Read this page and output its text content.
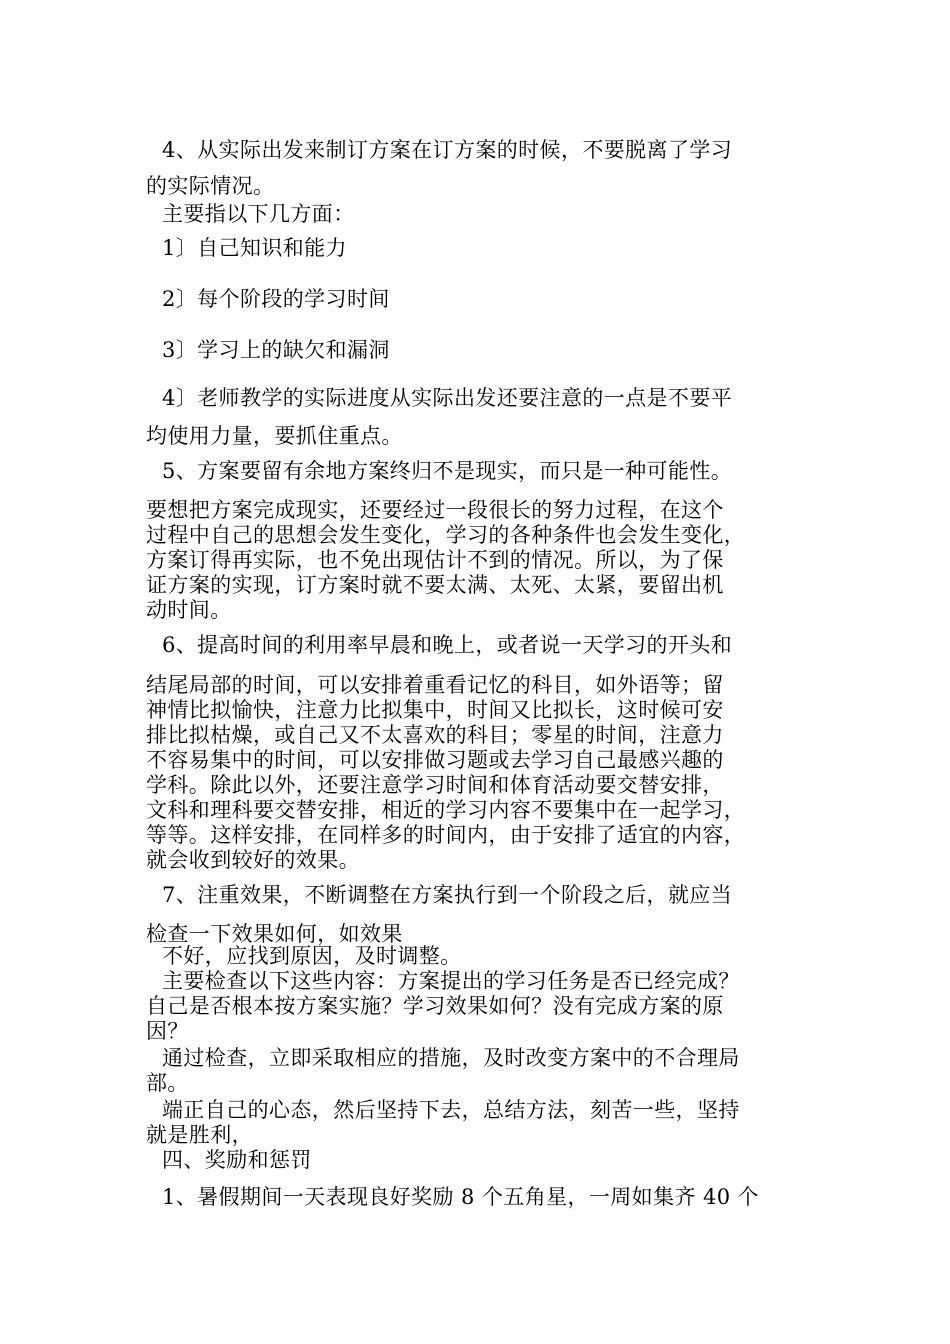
4、从实际出发来制订方案在订方案的时候，不要脱离了学习
的实际情况。
主要指以下几方面：
1〕自己知识和能力
2〕每个阶段的学习时间
3〕学习上的缺欠和漏洞
4〕老师教学的实际进度从实际出发还要注意的一点是不要平
均使用力量，要抓住重点。
5、方案要留有余地方案终归不是现实，而只是一种可能性。
要想把方案完成现实，还要经过一段很长的努力过程，在这个
过程中自己的思想会发生变化，学习的各种条件也会发生变化，
方案订得再实际，也不免出现估计不到的情况。所以，为了保
证方案的实现，订方案时就不要太满、太死、太紧，要留出机
动时间。
6、提高时间的利用率早晨和晚上，或者说一天学习的开头和
结尾局部的时间，可以安排着重看记忆的科目，如外语等；留
神情比拟愉快，注意力比拟集中，时间又比拟长，这时候可安
排比拟枯燥，或自己又不太喜欢的科目；零星的时间，注意力
不容易集中的时间，可以安排做习题或去学习自己最感兴趣的
学科。除此以外，还要注意学习时间和体育活动要交替安排，
文科和理科要交替安排，相近的学习内容不要集中在一起学习，
等等。这样安排，在同样多的时间内，由于安排了适宜的内容，
就会收到较好的效果。
7、注重效果，不断调整在方案执行到一个阶段之后，就应当
检查一下效果如何，如效果
不好，应找到原因，及时调整。
主要检查以下这些内容：方案提出的学习任务是否已经完成？
自己是否根本按方案实施？学习效果如何？没有完成方案的原
因？
通过检查，立即采取相应的措施，及时改变方案中的不合理局
部。
端正自己的心态，然后坚持下去，总结方法，刻苦一些，坚持
就是胜利，
四、奖励和惩罚
1、暑假期间一天表现良好奖励 8 个五角星，一周如集齐 40 个
